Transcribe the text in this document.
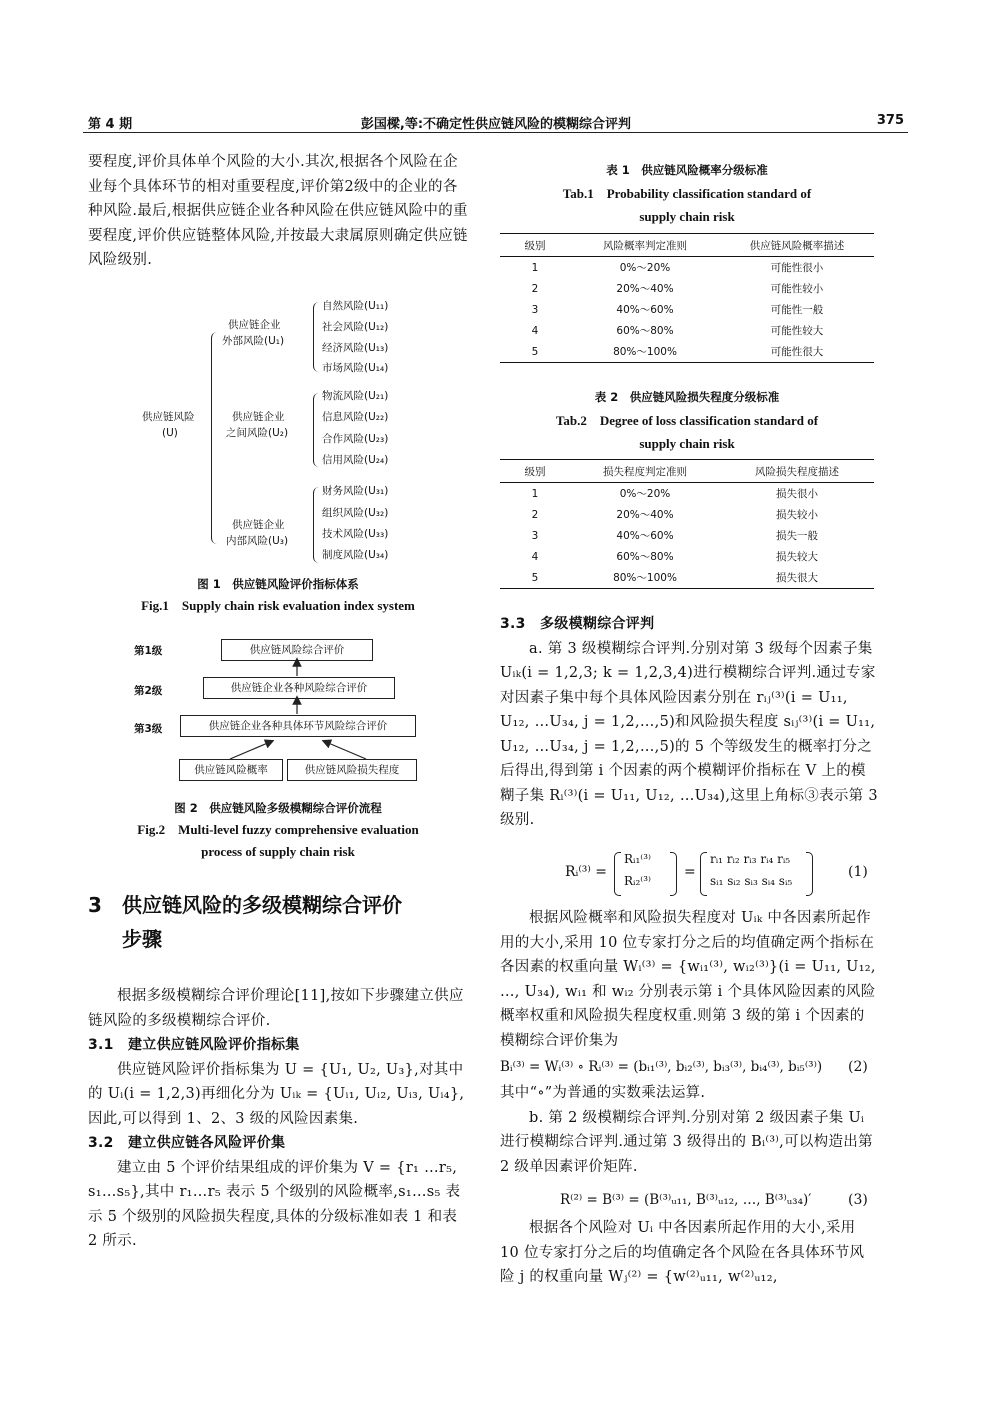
第 4 期	彭国樑,等:不确定性供应链风险的模糊综合评判	375

要程度,评价具体单个风险的大小.其次,根据各个风险在企业每个具体环节的相对重要程度,评价第2级中的企业的各种风险.最后,根据供应链企业各种风险在供应链风险中的重要程度,评价供应链整体风险,并按最大隶属原则确定供应链风险级别.

供应链风险
(U)
供应链企业
外部风险(U₁)
自然风险(U₁₁)
社会风险(U₁₂)
经济风险(U₁₃)
市场风险(U₁₄)
供应链企业
之间风险(U₂)
物流风险(U₂₁)
信息风险(U₂₂)
合作风险(U₂₃)
信用风险(U₂₄)
供应链企业
内部风险(U₃)
财务风险(U₃₁)
组织风险(U₃₂)
技术风险(U₃₃)
制度风险(U₃₄)
图 1　供应链风险评价指标体系
Fig.1　Supply chain risk evaluation index system
第1级
第2级
第3级
供应链风险综合评价
供应链企业各种风险综合评价
供应链企业各种具体环节风险综合评价
供应链风险概率	供应链风险损失程度
图 2　供应链风险多级模糊综合评价流程
Fig.2　Multi-level fuzzy comprehensive evaluation
process of supply chain risk
3 供应链风险的多级模糊综合评价
步骤

根据多级模糊综合评价理论[11],按如下步骤建立供应链风险的多级模糊综合评价.

3.1　建立供应链风险评价指标集

供应链风险评价指标集为 U = {U₁, U₂, U₃},对其中的 Uᵢ(i = 1,2,3)再细化分为 Uᵢₖ = {Uᵢ₁, Uᵢ₂, Uᵢ₃, Uᵢ₄},因此,可以得到 1、2、3 级的风险因素集.

3.2　建立供应链各风险评价集

建立由 5 个评价结果组成的评价集为 V = {r₁ …r₅, s₁…s₅},其中 r₁…r₅ 表示 5 个级别的风险概率,s₁…s₅ 表示 5 个级别的风险损失程度,具体的分级标准如表 1 和表 2 所示.

表 1　供应链风险概率分级标准
Tab.1　Probability classification standard of
supply chain risk
级别	风险概率判定准则	供应链风险概率描述
1	0%～20%	可能性很小
2	20%～40%	可能性较小
3	40%～60%	可能性一般
4	60%～80%	可能性较大
5	80%～100%	可能性很大
表 2　供应链风险损失程度分级标准
Tab.2　Degree of loss classification standard of
supply chain risk
级别	损失程度判定准则	风险损失程度描述
1	0%～20%	损失很小
2	20%～40%	损失较小
3	40%～60%	损失一般
4	60%～80%	损失较大
5	80%～100%	损失很大
3.3　多级模糊综合评判

a. 第 3 级模糊综合评判.分别对第 3 级每个因素子集 Uᵢₖ(i = 1,2,3; k = 1,2,3,4)进行模糊综合评判.通过专家对因素子集中每个具体风险因素分别在 rᵢⱼ⁽³⁾(i = U₁₁, U₁₂, …U₃₄, j = 1,2,…,5)和风险损失程度 sᵢⱼ⁽³⁾(i = U₁₁, U₁₂, …U₃₄, j = 1,2,…,5)的 5 个等级发生的概率打分之后得出,得到第 i 个因素的两个模糊评价指标在 V 上的模糊子集 Rᵢ⁽³⁾(i = U₁₁, U₁₂, …U₃₄),这里上角标③表示第 3 级别.

Rᵢ⁽³⁾ =
Rᵢ₁⁽³⁾
Rᵢ₂⁽³⁾
=
rᵢ₁ rᵢ₂ rᵢ₃ rᵢ₄ rᵢ₅
sᵢ₁ sᵢ₂ sᵢ₃ sᵢ₄ sᵢ₅
(1)

根据风险概率和风险损失程度对 Uᵢₖ 中各因素所起作用的大小,采用 10 位专家打分之后的均值确定两个指标在各因素的权重向量 Wᵢ⁽³⁾ = {wᵢ₁⁽³⁾, wᵢ₂⁽³⁾}(i = U₁₁, U₁₂, …, U₃₄), wᵢ₁ 和 wᵢ₂ 分别表示第 i 个具体风险因素的风险概率权重和风险损失程度权重.则第 3 级的第 i 个因素的模糊综合评价集为

Bᵢ⁽³⁾ = Wᵢ⁽³⁾ ∘ Rᵢ⁽³⁾ = (bᵢ₁⁽³⁾, bᵢ₂⁽³⁾, bᵢ₃⁽³⁾, bᵢ₄⁽³⁾, bᵢ₅⁽³⁾) (2)

其中“∘”为普通的实数乘法运算.

b. 第 2 级模糊综合评判.分别对第 2 级因素子集 Uᵢ 进行模糊综合评判.通过第 3 级得出的 Bᵢ⁽³⁾,可以构造出第 2 级单因素评价矩阵.

R⁽²⁾ = B⁽³⁾ = (B⁽³⁾ᵤ₁₁, B⁽³⁾ᵤ₁₂, …, B⁽³⁾ᵤ₃₄)′	(3)

根据各个风险对 Uᵢ 中各因素所起作用的大小,采用 10 位专家打分之后的均值确定各个风险在各具体环节风险 j 的权重向量 Wⱼ⁽²⁾ = {w⁽²⁾ᵤ₁₁, w⁽²⁾ᵤ₁₂,
